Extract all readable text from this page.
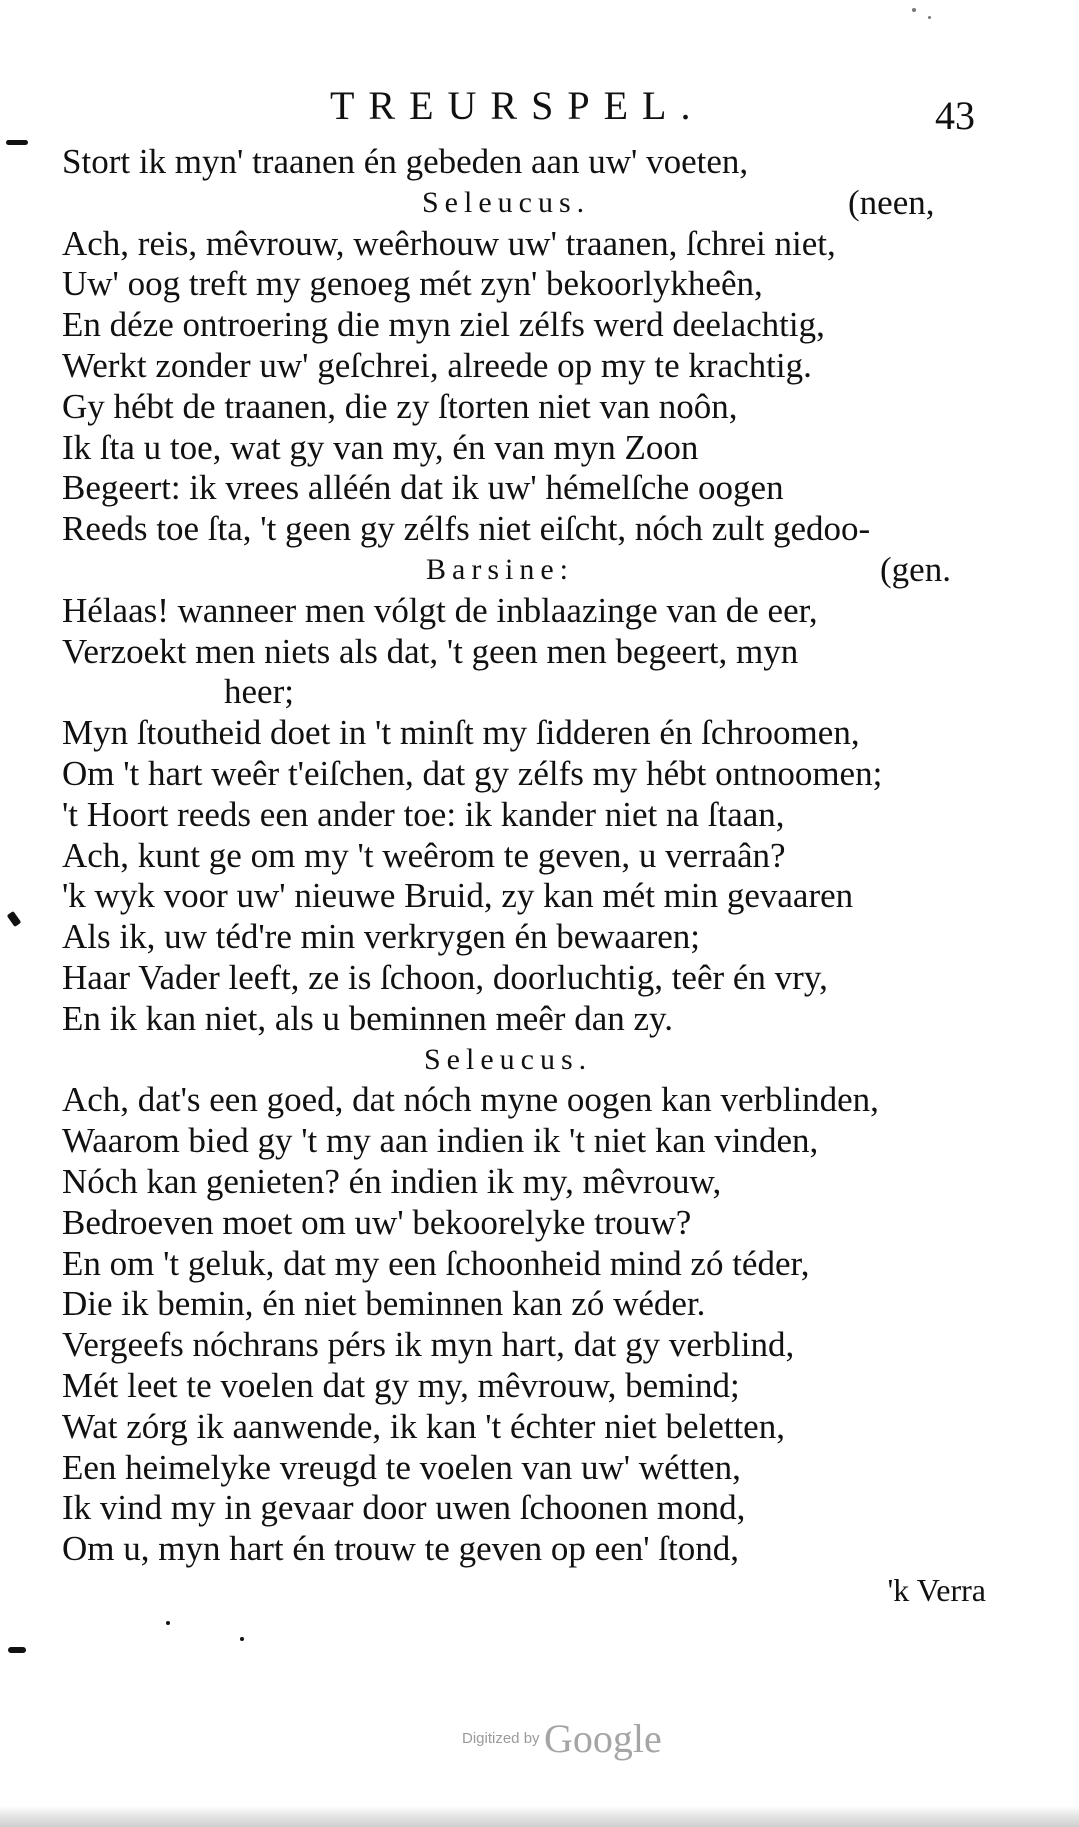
TREURSPEL.	43
Stort ik myn' traanen én gebeden aan uw' voeten,
Seleucus.	(neen,
Ach, reis, mêvrouw, weêrhouw uw' traanen, ſchrei niet,
Uw' oog treft my genoeg mét zyn' bekoorlykheên,
En déze ontroering die myn ziel zélfs werd deelachtig,
Werkt zonder uw' geſchrei, alreede op my te krachtig.
Gy hébt de traanen, die zy ſtorten niet van noôn,
Ik ſta u toe, wat gy van my, én van myn Zoon
Begeert: ik vrees alléén dat ik uw' hémelſche oogen
Reeds toe ſta, 't geen gy zélfs niet eiſcht, nóch zult gedoo-
Barsine:	(gen.
Hélaas! wanneer men vólgt de inblaazinge van de eer,
Verzoekt men niets als dat, 't geen men begeert, myn
heer;
Myn ſtoutheid doet in 't minſt my ſidderen én ſchroomen,
Om 't hart weêr t'eiſchen, dat gy zélfs my hébt ontnoomen;
't Hoort reeds een ander toe: ik kander niet na ſtaan,
Ach, kunt ge om my 't weêrom te geven, u verraân?
'k wyk voor uw' nieuwe Bruid, zy kan mét min gevaaren
Als ik, uw téd're min verkrygen én bewaaren;
Haar Vader leeft, ze is ſchoon, doorluchtig, teêr én vry,
En ik kan niet, als u beminnen meêr dan zy.
Seleucus.
Ach, dat's een goed, dat nóch myne oogen kan verblinden,
Waarom bied gy 't my aan indien ik 't niet kan vinden,
Nóch kan genieten? én indien ik my, mêvrouw,
Bedroeven moet om uw' bekoorelyke trouw?
En om 't geluk, dat my een ſchoonheid mind zó téder,
Die ik bemin, én niet beminnen kan zó wéder.
Vergeefs nóchrans pérs ik myn hart, dat gy verblind,
Mét leet te voelen dat gy my, mêvrouw, bemind;
Wat zórg ik aanwende, ik kan 't échter niet beletten,
Een heimelyke vreugd te voelen van uw' wétten,
Ik vind my in gevaar door uwen ſchoonen mond,
Om u, myn hart én trouw te geven op een' ſtond,
'k Verra
Digitized by Google
